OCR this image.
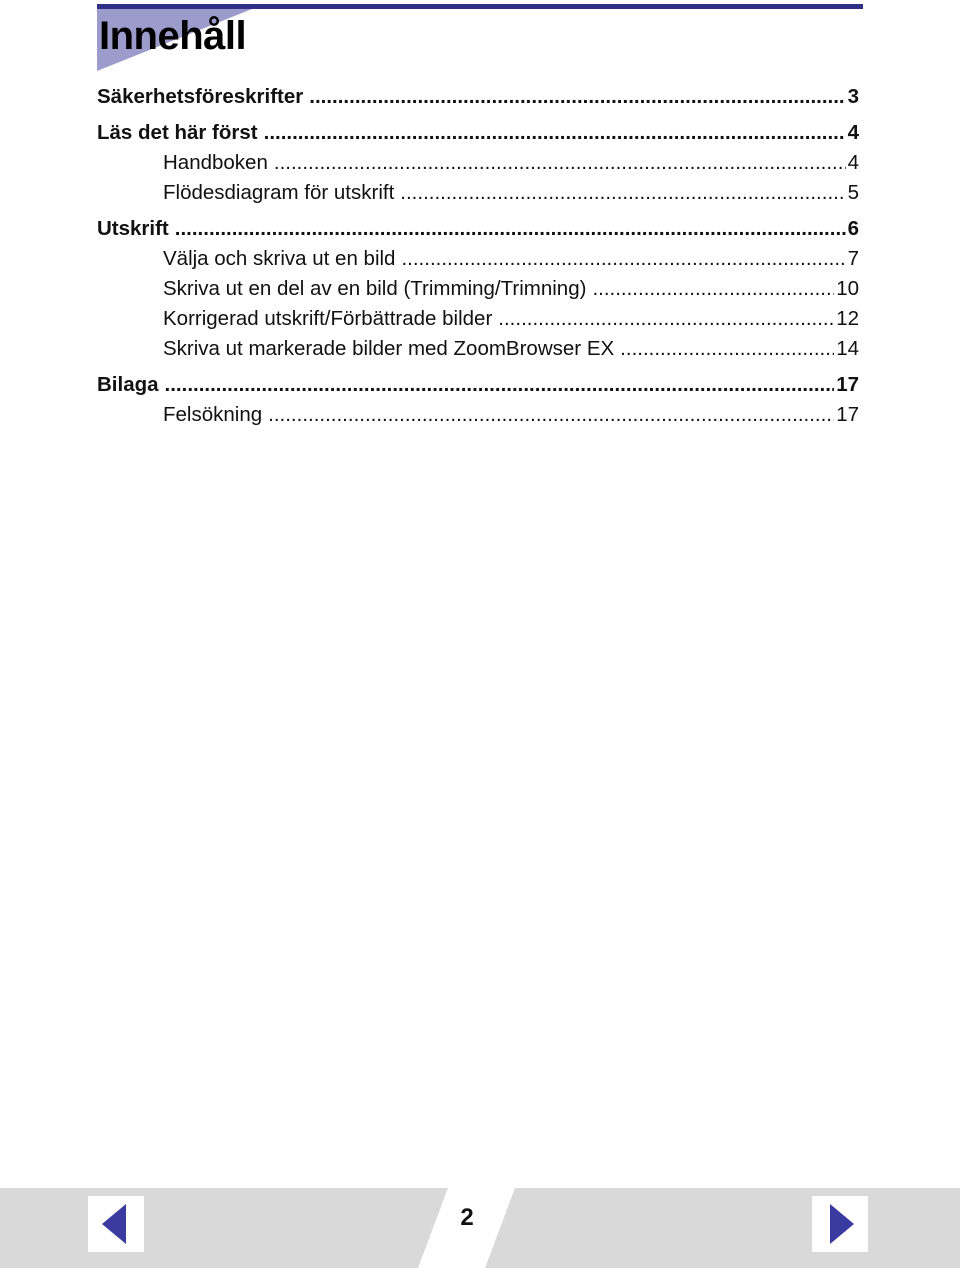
Innehåll
Säkerhetsföreskrifter .....	3
Läs det här först .....	4
Handboken .....	4
Flödesdiagram för utskrift .....	5
Utskrift .....	6
Välja och skriva ut en bild .....	7
Skriva ut en del av en bild (Trimming/Trimning) .....	10
Korrigerad utskrift/Förbättrade bilder .....	12
Skriva ut markerade bilder med ZoomBrowser EX .....	14
Bilaga .....	17
Felsökning .....	17
2
